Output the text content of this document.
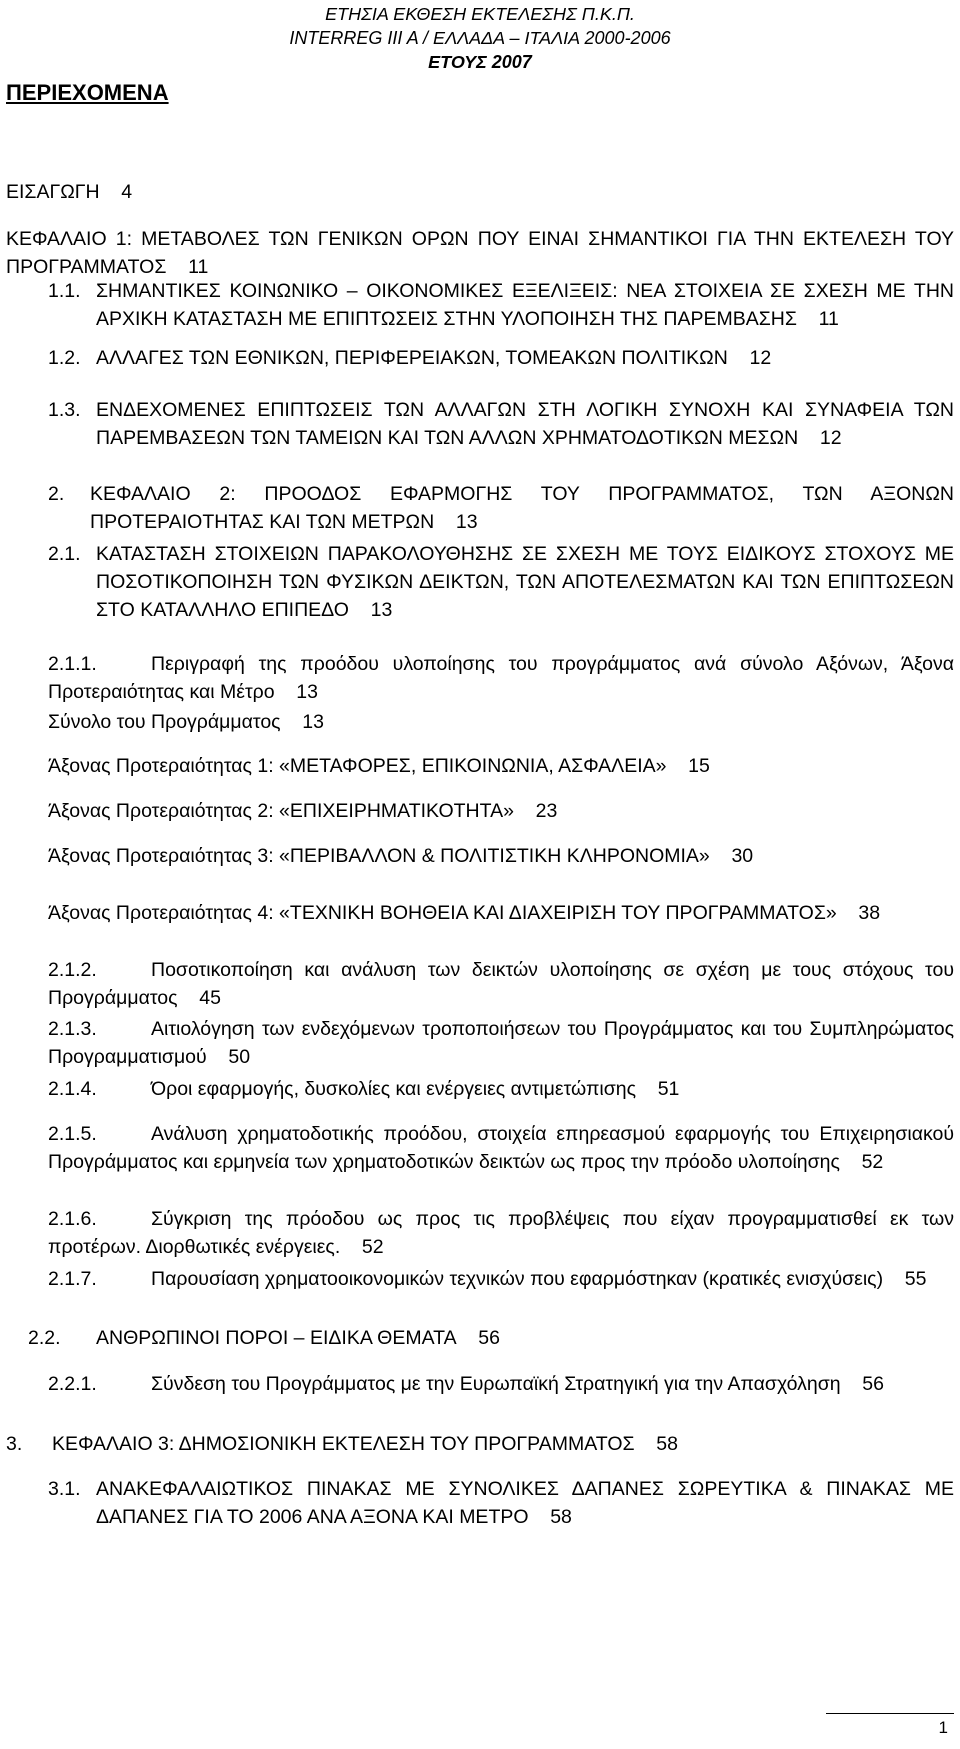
ΕΤΗΣΙΑ ΕΚΘΕΣΗ ΕΚΤΕΛΕΣΗΣ Π.Κ.Π.
INTERREG III A / ΕΛΛΑΔΑ – ΙΤΑΛΙΑ 2000-2006
ΕΤΟΥΣ 2007
ΠΕΡΙΕΧΟΜΕΝΑ
ΕΙΣΑΓΩΓΗ 4
ΚΕΦΑΛΑΙΟ 1: ΜΕΤΑΒΟΛΕΣ ΤΩΝ ΓΕΝΙΚΩΝ ΟΡΩΝ ΠΟΥ ΕΙΝΑΙ ΣΗΜΑΝΤΙΚΟΙ ΓΙΑ ΤΗΝ ΕΚΤΕΛΕΣΗ ΤΟΥ ΠΡΟΓΡΑΜΜΑΤΟΣ 11
1.1. ΣΗΜΑΝΤΙΚΕΣ ΚΟΙΝΩΝΙΚΟ – ΟΙΚΟΝΟΜΙΚΕΣ ΕΞΕΛΙΞΕΙΣ: ΝΕΑ ΣΤΟΙΧΕΙΑ ΣΕ ΣΧΕΣΗ ΜΕ ΤΗΝ ΑΡΧΙΚΗ ΚΑΤΑΣΤΑΣΗ ΜΕ ΕΠΙΠΤΩΣΕΙΣ ΣΤΗΝ ΥΛΟΠΟΙΗΣΗ ΤΗΣ ΠΑΡΕΜΒΑΣΗΣ 11
1.2. ΑΛΛΑΓΕΣ ΤΩΝ ΕΘΝΙΚΩΝ, ΠΕΡΙΦΕΡΕΙΑΚΩΝ, ΤΟΜΕΑΚΩΝ ΠΟΛΙΤΙΚΩΝ 12
1.3. ΕΝΔΕΧΟΜΕΝΕΣ ΕΠΙΠΤΩΣΕΙΣ ΤΩΝ ΑΛΛΑΓΩΝ ΣΤΗ ΛΟΓΙΚΗ ΣΥΝΟΧΗ ΚΑΙ ΣΥΝΑΦΕΙΑ ΤΩΝ ΠΑΡΕΜΒΑΣΕΩΝ ΤΩΝ ΤΑΜΕΙΩΝ ΚΑΙ ΤΩΝ ΑΛΛΩΝ ΧΡΗΜΑΤΟΔΟΤΙΚΩΝ ΜΕΣΩΝ 12
2. ΚΕΦΑΛΑΙΟ 2: ΠΡΟΟΔΟΣ ΕΦΑΡΜΟΓΗΣ ΤΟΥ ΠΡΟΓΡΑΜΜΑΤΟΣ, ΤΩΝ ΑΞΟΝΩΝ ΠΡΟΤΕΡΑΙΟΤΗΤΑΣ ΚΑΙ ΤΩΝ ΜΕΤΡΩΝ 13
2.1. ΚΑΤΑΣΤΑΣΗ ΣΤΟΙΧΕΙΩΝ ΠΑΡΑΚΟΛΟΥΘΗΣΗΣ ΣΕ ΣΧΕΣΗ ΜΕ ΤΟΥΣ ΕΙΔΙΚΟΥΣ ΣΤΟΧΟΥΣ ΜΕ ΠΟΣΟΤΙΚΟΠΟΙΗΣΗ ΤΩΝ ΦΥΣΙΚΩΝ ΔΕΙΚΤΩΝ, ΤΩΝ ΑΠΟΤΕΛΕΣΜΑΤΩΝ ΚΑΙ ΤΩΝ ΕΠΙΠΤΩΣΕΩΝ ΣΤΟ ΚΑΤΑΛΛΗΛΟ ΕΠΙΠΕΔΟ 13
2.1.1.	Περιγραφή της προόδου υλοποίησης του προγράμματος ανά σύνολο Αξόνων, Άξονα Προτεραιότητας και Μέτρο 13
Σύνολο του Προγράμματος 13
Άξονας Προτεραιότητας 1: «ΜΕΤΑΦΟΡΕΣ, ΕΠΙΚΟΙΝΩΝΙΑ, ΑΣΦΑΛΕΙΑ» 15
Άξονας Προτεραιότητας 2: «ΕΠΙΧΕΙΡΗΜΑΤΙΚΟΤΗΤΑ» 23
Άξονας Προτεραιότητας 3: «ΠΕΡΙΒΑΛΛΟΝ & ΠΟΛΙΤΙΣΤΙΚΗ ΚΛΗΡΟΝΟΜΙΑ» 30
Άξονας Προτεραιότητας 4: «ΤΕΧΝΙΚΗ ΒΟΗΘΕΙΑ ΚΑΙ ΔΙΑΧΕΙΡΙΣΗ ΤΟΥ ΠΡΟΓΡΑΜΜΑΤΟΣ» 38
2.1.2.	Ποσοτικοποίηση και ανάλυση των δεικτών υλοποίησης σε σχέση με τους στόχους του Προγράμματος 45
2.1.3.	Αιτιολόγηση των ενδεχόμενων τροποποιήσεων του Προγράμματος και του Συμπληρώματος Προγραμματισμού 50
2.1.4.	Όροι εφαρμογής, δυσκολίες και ενέργειες αντιμετώπισης 51
2.1.5.	Ανάλυση χρηματοδοτικής προόδου, στοιχεία επηρεασμού εφαρμογής του Επιχειρησιακού Προγράμματος και ερμηνεία των χρηματοδοτικών δεικτών ως προς την πρόοδο υλοποίησης 52
2.1.6.	Σύγκριση της πρόοδου ως προς τις προβλέψεις που είχαν προγραμματισθεί εκ των προτέρων. Διορθωτικές ενέργειες. 52
2.1.7.	Παρουσίαση χρηματοοικονομικών τεχνικών που εφαρμόστηκαν (κρατικές ενισχύσεις) 55
2.2. ΑΝΘΡΩΠΙΝΟΙ ΠΟΡΟΙ – ΕΙΔΙΚΑ ΘΕΜΑΤΑ 56
2.2.1.	Σύνδεση του Προγράμματος με την Ευρωπαϊκή Στρατηγική για την Απασχόληση 56
3. ΚΕΦΑΛΑΙΟ 3: ΔΗΜΟΣΙΟΝΙΚΗ ΕΚΤΕΛΕΣΗ ΤΟΥ ΠΡΟΓΡΑΜΜΑΤΟΣ 58
3.1. ΑΝΑΚΕΦΑΛΑΙΩΤΙΚΟΣ ΠΙΝΑΚΑΣ ΜΕ ΣΥΝΟΛΙΚΕΣ ΔΑΠΑΝΕΣ ΣΩΡΕΥΤΙΚΑ & ΠΙΝΑΚΑΣ ΜΕ ΔΑΠΑΝΕΣ ΓΙΑ ΤΟ 2006 ΑΝΑ ΑΞΟΝΑ ΚΑΙ ΜΕΤΡΟ 58
1
